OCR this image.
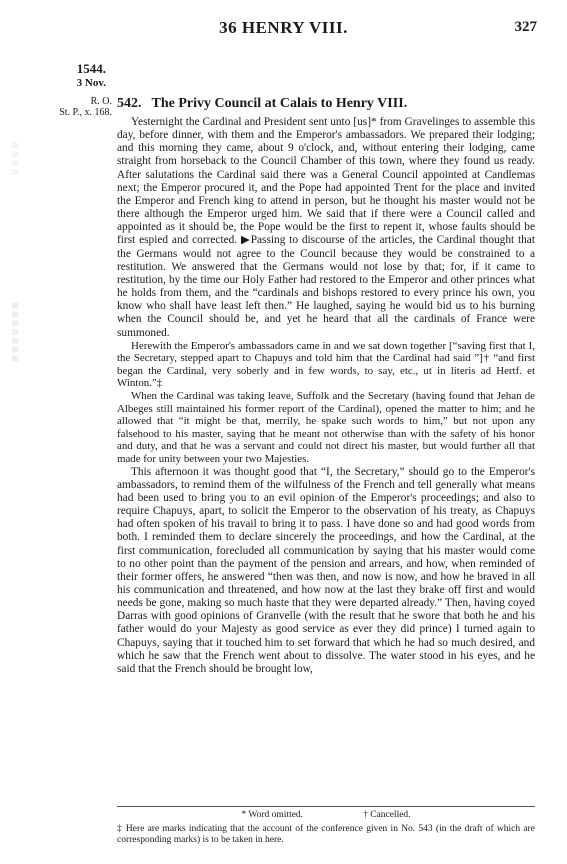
≡≡≡≡
≡≡≡≡≡≡≡
36 HENRY VIII.	327
1544.
3 Nov.
R. O.
St. P., x. 168.
542. The Privy Council at Calais to Henry VIII.

Yesternight the Cardinal and President sent unto [us]* from Gravelinges to assemble this day, before dinner, with them and the Emperor's ambassadors. We prepared their lodging; and this morning they came, about 9 o'clock, and, without entering their lodging, came straight from horseback to the Council Chamber of this town, where they found us ready. After salutations the Cardinal said there was a General Council appointed at Candlemas next; the Emperor procured it, and the Pope had appointed Trent for the place and invited the Emperor and French king to attend in person, but he thought his master would not be there although the Emperor urged him. We said that if there were a Council called and appointed as it should be, the Pope would be the first to repent it, whose faults should be first espied and corrected. ▶Passing to discourse of the articles, the Cardinal thought that the Germans would not agree to the Council because they would be constrained to a restitution. We answered that the Germans would not lose by that; for, if it came to restitution, by the time our Holy Father had restored to the Emperor and other princes what he holds from them, and the “cardinals and bishops restored to every prince his own, you know who shall have least left then.” He laughed, saying he would bid us to his burning when the Council should be, and yet he heard that all the cardinals of France were summoned.

Herewith the Emperor's ambassadors came in and we sat down together [“saving first that I, the Secretary, stepped apart to Chapuys and told him that the Cardinal had said ”]† “and first began the Cardinal, very soberly and in few words, to say, etc., ut in literis ad Hertf. et Winton.”‡

When the Cardinal was taking leave, Suffolk and the Secretary (having found that Jehan de Albeges still maintained his former report of the Cardinal), opened the matter to him; and he allowed that “it might be that, merrily, he spake such words to him,” but not upon any falsehood to his master, saying that he meant not otherwise than with the safety of his honor and duty, and that he was a servant and could not direct his master, but would further all that made for unity between your two Majesties.

This afternoon it was thought good that “I, the Secretary,” should go to the Emperor's ambassadors, to remind them of the wilfulness of the French and tell generally what means had been used to bring you to an evil opinion of the Emperor's proceedings; and also to require Chapuys, apart, to solicit the Emperor to the observation of his treaty, as Chapuys had often spoken of his travail to bring it to pass. I have done so and had good words from both. I reminded them to declare sincerely the proceedings, and how the Cardinal, at the first communication, forecluded all communication by saying that his master would come to no other point than the payment of the pension and arrears, and how, when reminded of their former offers, he answered “then was then, and now is now, and how he braved in all his communication and threatened, and how now at the last they brake off first and would needs be gone, making so much haste that they were departed already.” Then, having coyed Darras with good opinions of Granvelle (with the result that he swore that both he and his father would do your Majesty as good service as ever they did prince) I turned again to Chapuys, saying that it touched him to set forward that which he had so much desired, and which he saw that the French went about to dissolve. The water stood in his eyes, and he said that the French should be brought low,

* Word omitted.	† Cancelled.
‡ Here are marks indicating that the account of the conference given in No. 543 (in the draft of which are corresponding marks) is to be taken in here.
